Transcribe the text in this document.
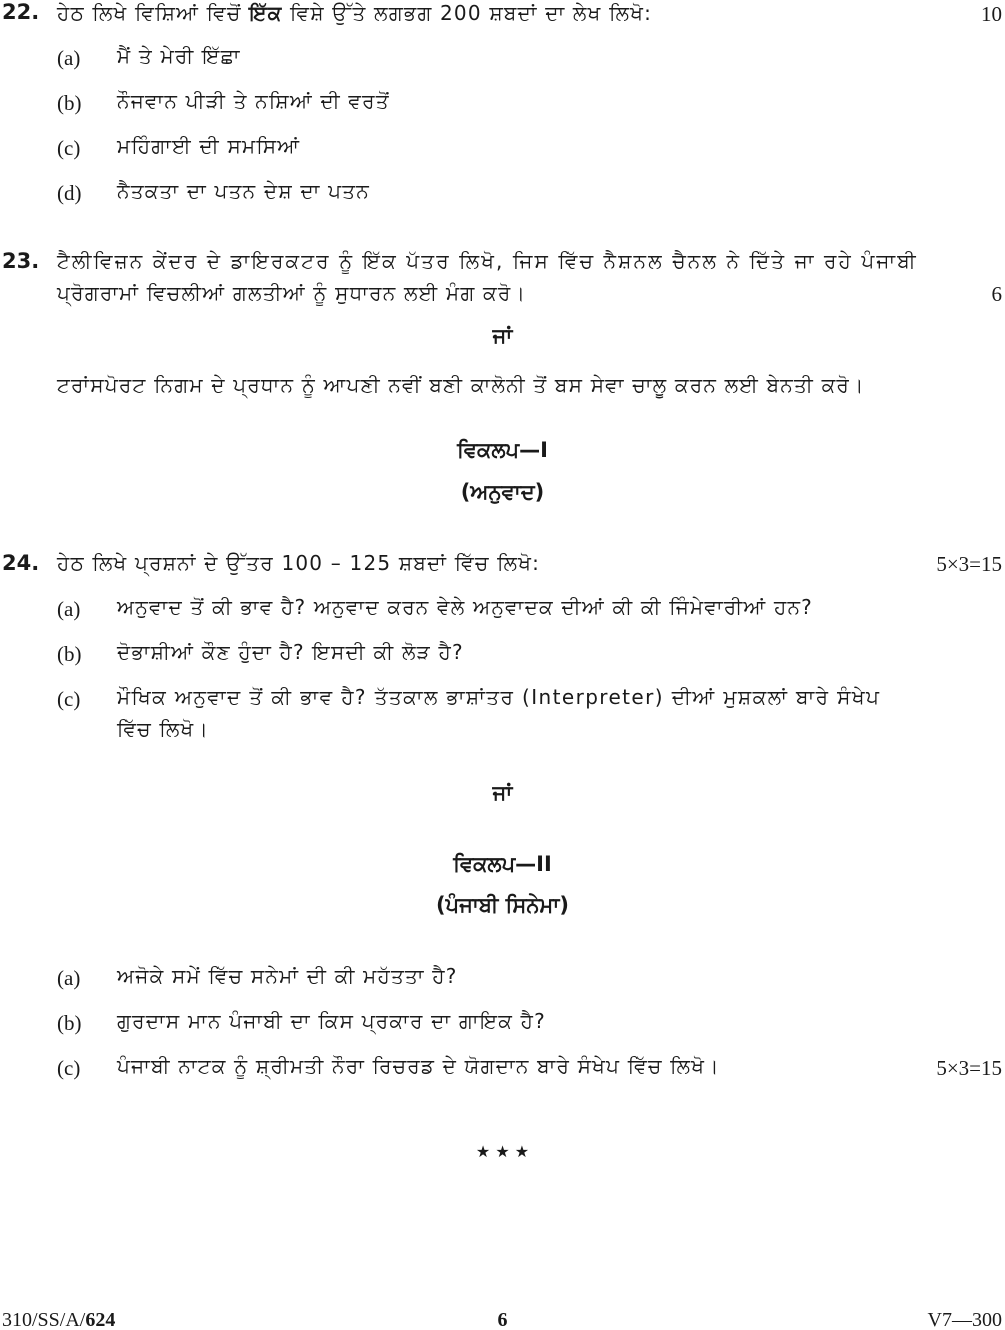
22. ਹੇਠ ਲਿਖੇ ਵਿਸ਼ਿਆਂ ਵਿਚੋਂ ਇੱਕ ਵਿਸ਼ੇ ਉੱਤੇ ਲਗਭਗ 200 ਸ਼ਬਦਾਂ ਦਾ ਲੇਖ ਲਿਖੋ:	10
(a) ਮੈਂ ਤੇ ਮੇਰੀ ਇੱਛਾ
(b) ਨੌਜਵਾਨ ਪੀੜੀ ਤੇ ਨਸ਼ਿਆਂ ਦੀ ਵਰਤੋਂ
(c) ਮਹਿੰਗਾਈ ਦੀ ਸਮਸਿਆਂ
(d) ਨੈਤਕਤਾ ਦਾ ਪਤਨ ਦੇਸ਼ ਦਾ ਪਤਨ
23. ਟੈਲੀਵਿਜ਼ਨ ਕੇਂਦਰ ਦੇ ਡਾਇਰਕਟਰ ਨੂੰ ਇੱਕ ਪੱਤਰ ਲਿਖੋ, ਜਿਸ ਵਿੱਚ ਨੈਸ਼ਨਲ ਚੈਨਲ ਨੇ ਦਿੱਤੇ ਜਾ ਰਹੇ ਪੰਜਾਬੀ
ਪ੍ਰੋਗਰਾਮਾਂ ਵਿਚਲੀਆਂ ਗਲਤੀਆਂ ਨੂੰ ਸੁਧਾਰਨ ਲਈ ਮੰਗ ਕਰੋ।	6
ਜਾਂ
ਟਰਾਂਸਪੋਰਟ ਨਿਗਮ ਦੇ ਪ੍ਰਧਾਨ ਨੂੰ ਆਪਣੀ ਨਵੀਂ ਬਣੀ ਕਾਲੋਨੀ ਤੋਂ ਬਸ ਸੇਵਾ ਚਾਲੂ ਕਰਨ ਲਈ ਬੇਨਤੀ ਕਰੋ।
ਵਿਕਲਪ—I
(ਅਨੁਵਾਦ)
24. ਹੇਠ ਲਿਖੇ ਪ੍ਰਸ਼ਨਾਂ ਦੇ ਉੱਤਰ 100 – 125 ਸ਼ਬਦਾਂ ਵਿੱਚ ਲਿਖੋ:	5×3=15
(a) ਅਨੁਵਾਦ ਤੋਂ ਕੀ ਭਾਵ ਹੈ? ਅਨੁਵਾਦ ਕਰਨ ਵੇਲੇ ਅਨੁਵਾਦਕ ਦੀਆਂ ਕੀ ਕੀ ਜਿੰਮੇਵਾਰੀਆਂ ਹਨ?
(b) ਦੋਭਾਸ਼ੀਆਂ ਕੌਣ ਹੁੰਦਾ ਹੈ? ਇਸਦੀ ਕੀ ਲੋੜ ਹੈ?
(c) ਮੌਖਿਕ ਅਨੁਵਾਦ ਤੋਂ ਕੀ ਭਾਵ ਹੈ? ਤੱਤਕਾਲ ਭਾਸ਼ਾਂਤਰ (Interpreter) ਦੀਆਂ ਮੁਸ਼ਕਲਾਂ ਬਾਰੇ ਸੰਖੇਪ
ਵਿੱਚ ਲਿਖੋ।
ਜਾਂ
ਵਿਕਲਪ—II
(ਪੰਜਾਬੀ ਸਿਨੇਮਾ)
(a) ਅਜੋਕੇ ਸਮੇਂ ਵਿੱਚ ਸਨੇਮਾਂ ਦੀ ਕੀ ਮਹੱਤਤਾ ਹੈ?
(b) ਗੁਰਦਾਸ ਮਾਨ ਪੰਜਾਬੀ ਦਾ ਕਿਸ ਪ੍ਰਕਾਰ ਦਾ ਗਾਇਕ ਹੈ?
(c) ਪੰਜਾਬੀ ਨਾਟਕ ਨੂੰ ਸ਼੍ਰੀਮਤੀ ਨੌਰਾ ਰਿਚਰਡ ਦੇ ਯੋਗਦਾਨ ਬਾਰੇ ਸੰਖੇਪ ਵਿੱਚ ਲਿਖੋ।	5×3=15
★ ★ ★
310/SS/A/624	6	V7—300
